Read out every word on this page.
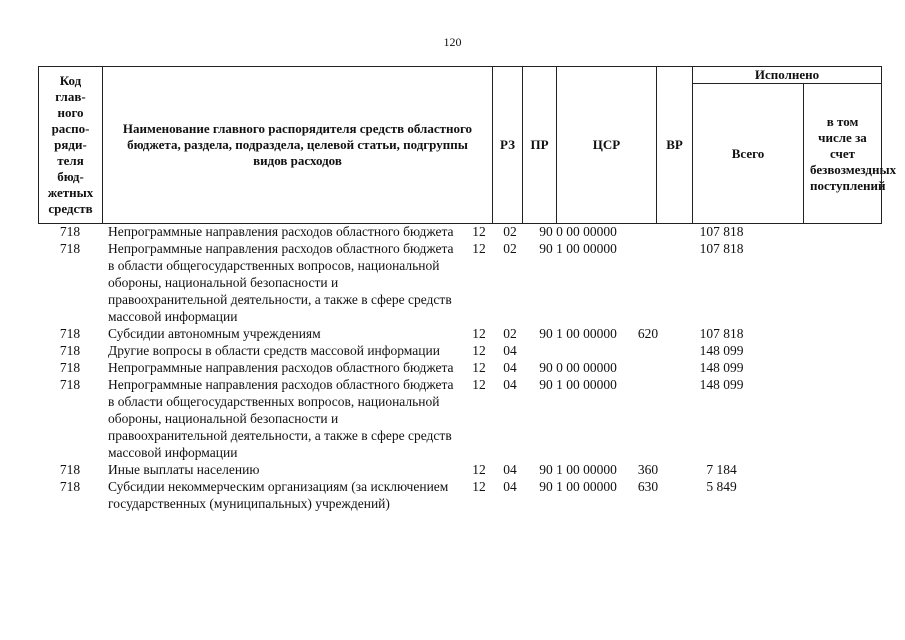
120
Код глав-ного распо-ряди-теля бюд-жетных средств	Наименование главного распорядителя средств областного бюджета, раздела, подраздела, целевой статьи, подгруппы видов расходов	РЗ	ПР	ЦСР	ВР	Исполнено	
						Всего	в том числе за счет безвозмездных поступлений
718	Непрограммные направления расходов областного бюджета	12	02	90 0 00 00000		107 818	
718	Непрограммные направления расходов областного бюджета в области общегосударственных вопросов, национальной обороны, национальной безопасности и правоохранительной деятельности, а также в сфере средств массовой информации	12	02	90 1 00 00000		107 818	
718	Субсидии автономным учреждениям	12	02	90 1 00 00000	620	107 818	
718	Другие вопросы в области средств массовой информации	12	04			148 099	
718	Непрограммные направления расходов областного бюджета	12	04	90 0 00 00000		148 099	
718	Непрограммные направления расходов областного бюджета в области общегосударственных вопросов, национальной обороны, национальной безопасности и правоохранительной деятельности, а также в сфере средств массовой информации	12	04	90 1 00 00000		148 099	
718	Иные выплаты населению	12	04	90 1 00 00000	360	7 184	
718	Субсидии некоммерческим организациям (за исключением государственных (муниципальных) учреждений)	12	04	90 1 00 00000	630	5 849	
